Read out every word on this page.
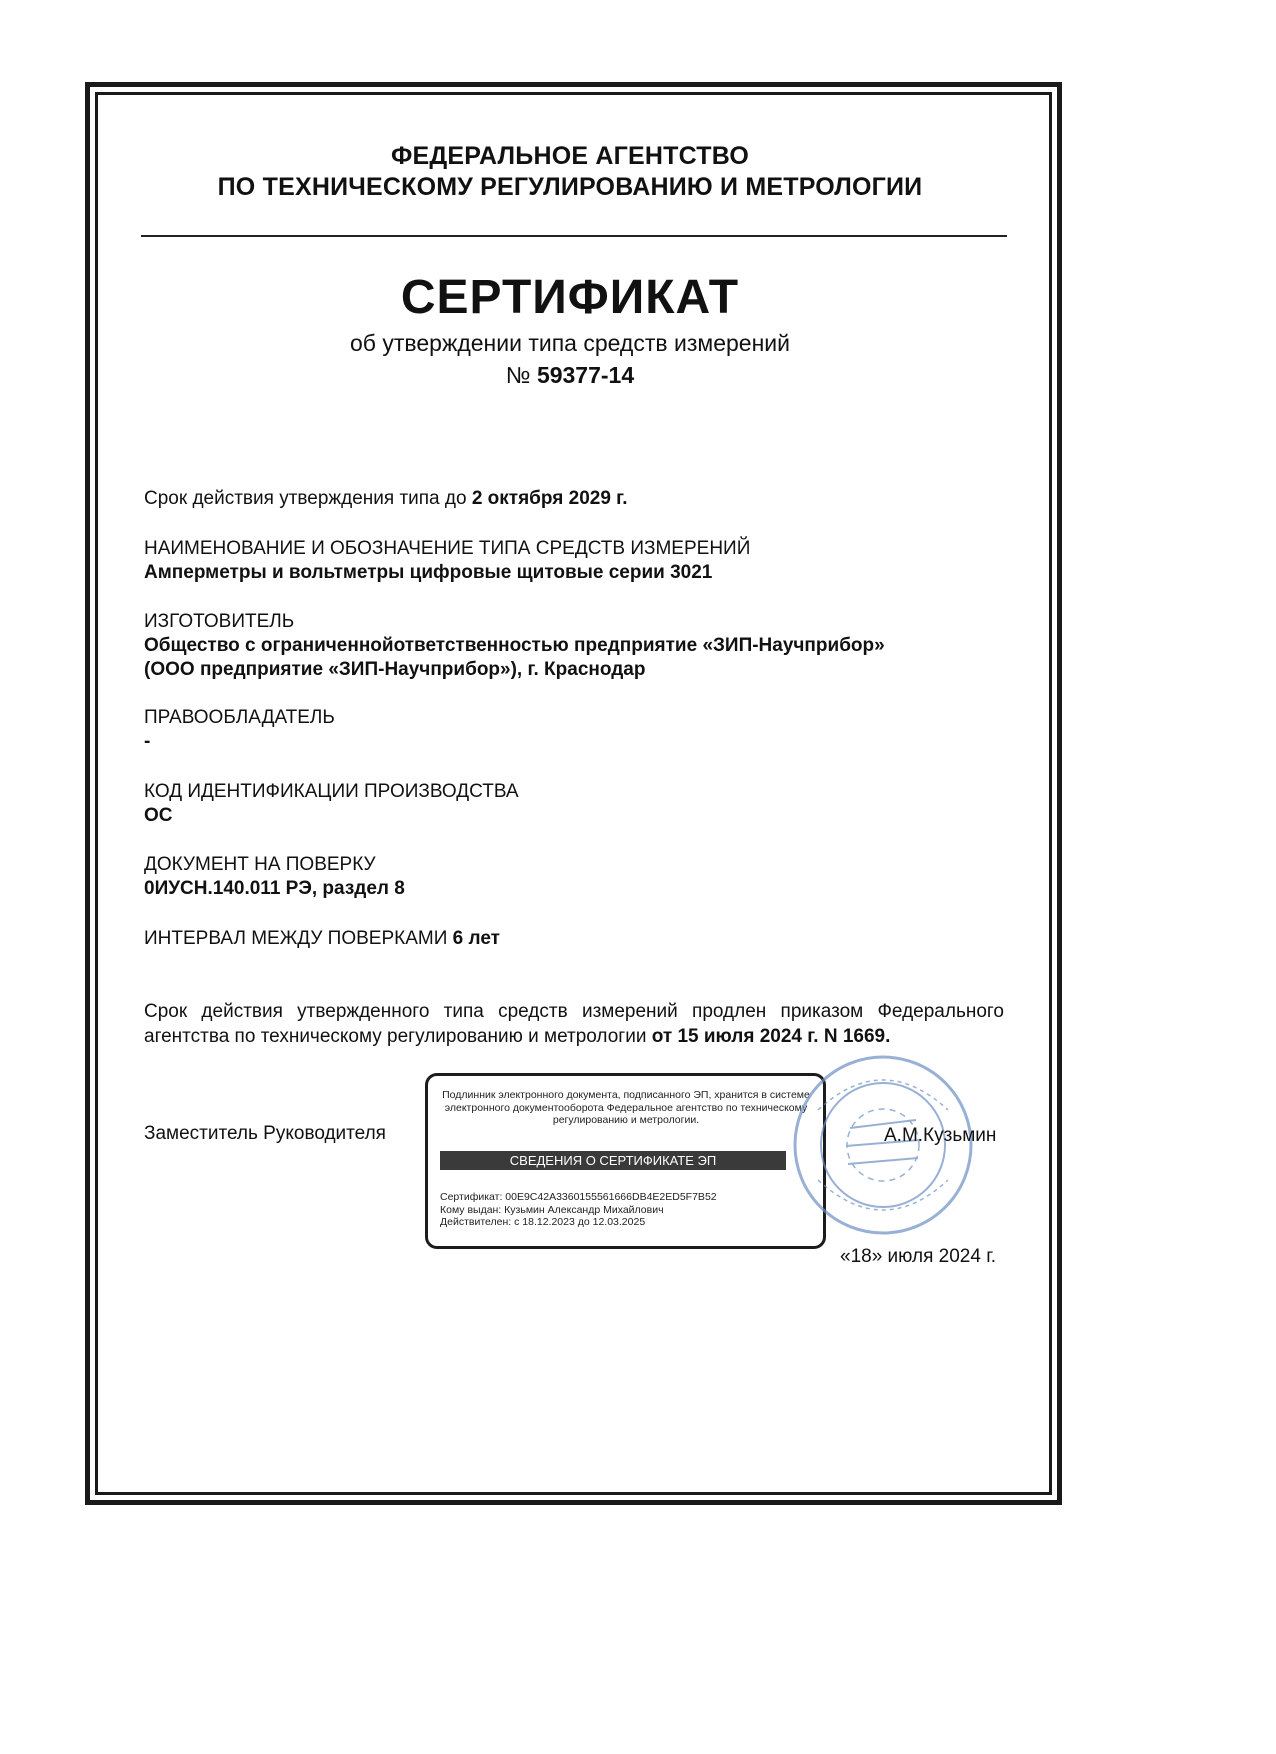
ФЕДЕРАЛЬНОЕ АГЕНТСТВО
ПО ТЕХНИЧЕСКОМУ РЕГУЛИРОВАНИЮ И МЕТРОЛОГИИ
СЕРТИФИКАТ
об утверждении типа средств измерений
№ 59377-14
Срок действия утверждения типа до 2 октября 2029 г.
НАИМЕНОВАНИЕ И ОБОЗНАЧЕНИЕ ТИПА СРЕДСТВ ИЗМЕРЕНИЙ
Амперметры и вольтметры цифровые щитовые серии 3021
ИЗГОТОВИТЕЛЬ
Общество с ограниченнойответственностью предприятие «ЗИП-Научприбор»
(ООО предприятие «ЗИП-Научприбор»), г. Краснодар
ПРАВООБЛАДАТЕЛЬ
-
КОД ИДЕНТИФИКАЦИИ ПРОИЗВОДСТВА
ОС
ДОКУМЕНТ НА ПОВЕРКУ
0ИУСН.140.011 РЭ, раздел 8
ИНТЕРВАЛ МЕЖДУ ПОВЕРКАМИ 6 лет
Срок действия утвержденного типа средств измерений продлен приказом Федерального агентства по техническому регулированию и метрологии от 15 июля 2024 г. N 1669.
Заместитель Руководителя
Подлинник электронного документа, подписанного ЭП, хранится в системе электронного документооборота Федеральное агентство по техническому регулированию и метрологии.
СВЕДЕНИЯ О СЕРТИФИКАТЕ ЭП
Сертификат: 00E9C42A3360155561666DB4E2ED5F7B52
Кому выдан: Кузьмин Александр Михайлович
Действителен: с 18.12.2023 до 12.03.2025
А.М.Кузьмин
«18» июля 2024 г.
